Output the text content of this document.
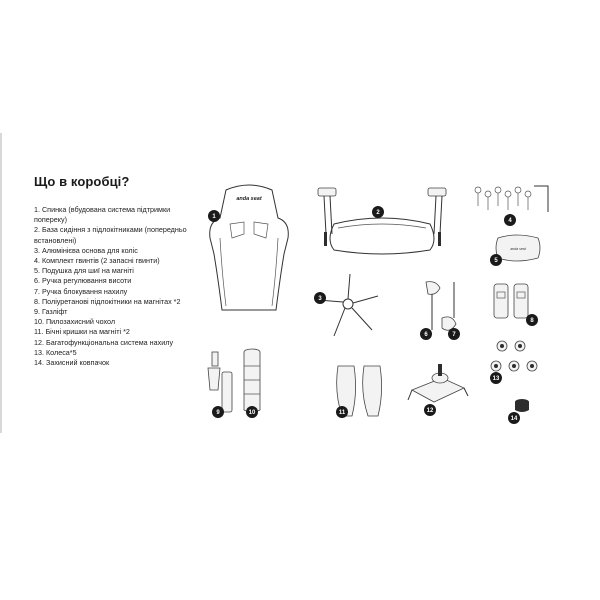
Що в коробці?
1. Спинка (вбудована система підтримки попереку)
2. База сидіння з підлокітниками (попередньо встановлені)
3. Алюмінієва основа для коліс
4. Комплект гвинтів (2 запасні гвинти)
5. Подушка для шиї на магніті
6. Ручка регулювання висоти
7. Ручка блокування нахилу
8. Поліуретанові підлокітники на магнітах *2
9. Газліфт
10. Пилозахисний чохол
11. Бічні кришки на магніті *2
12. Багатофункціональна система нахилу
13. Колеса*5
14. Захисний ковпачок
anda seat
1
2
3
4
anda seat
5
6	7
8
9	10	11	12
13
14
